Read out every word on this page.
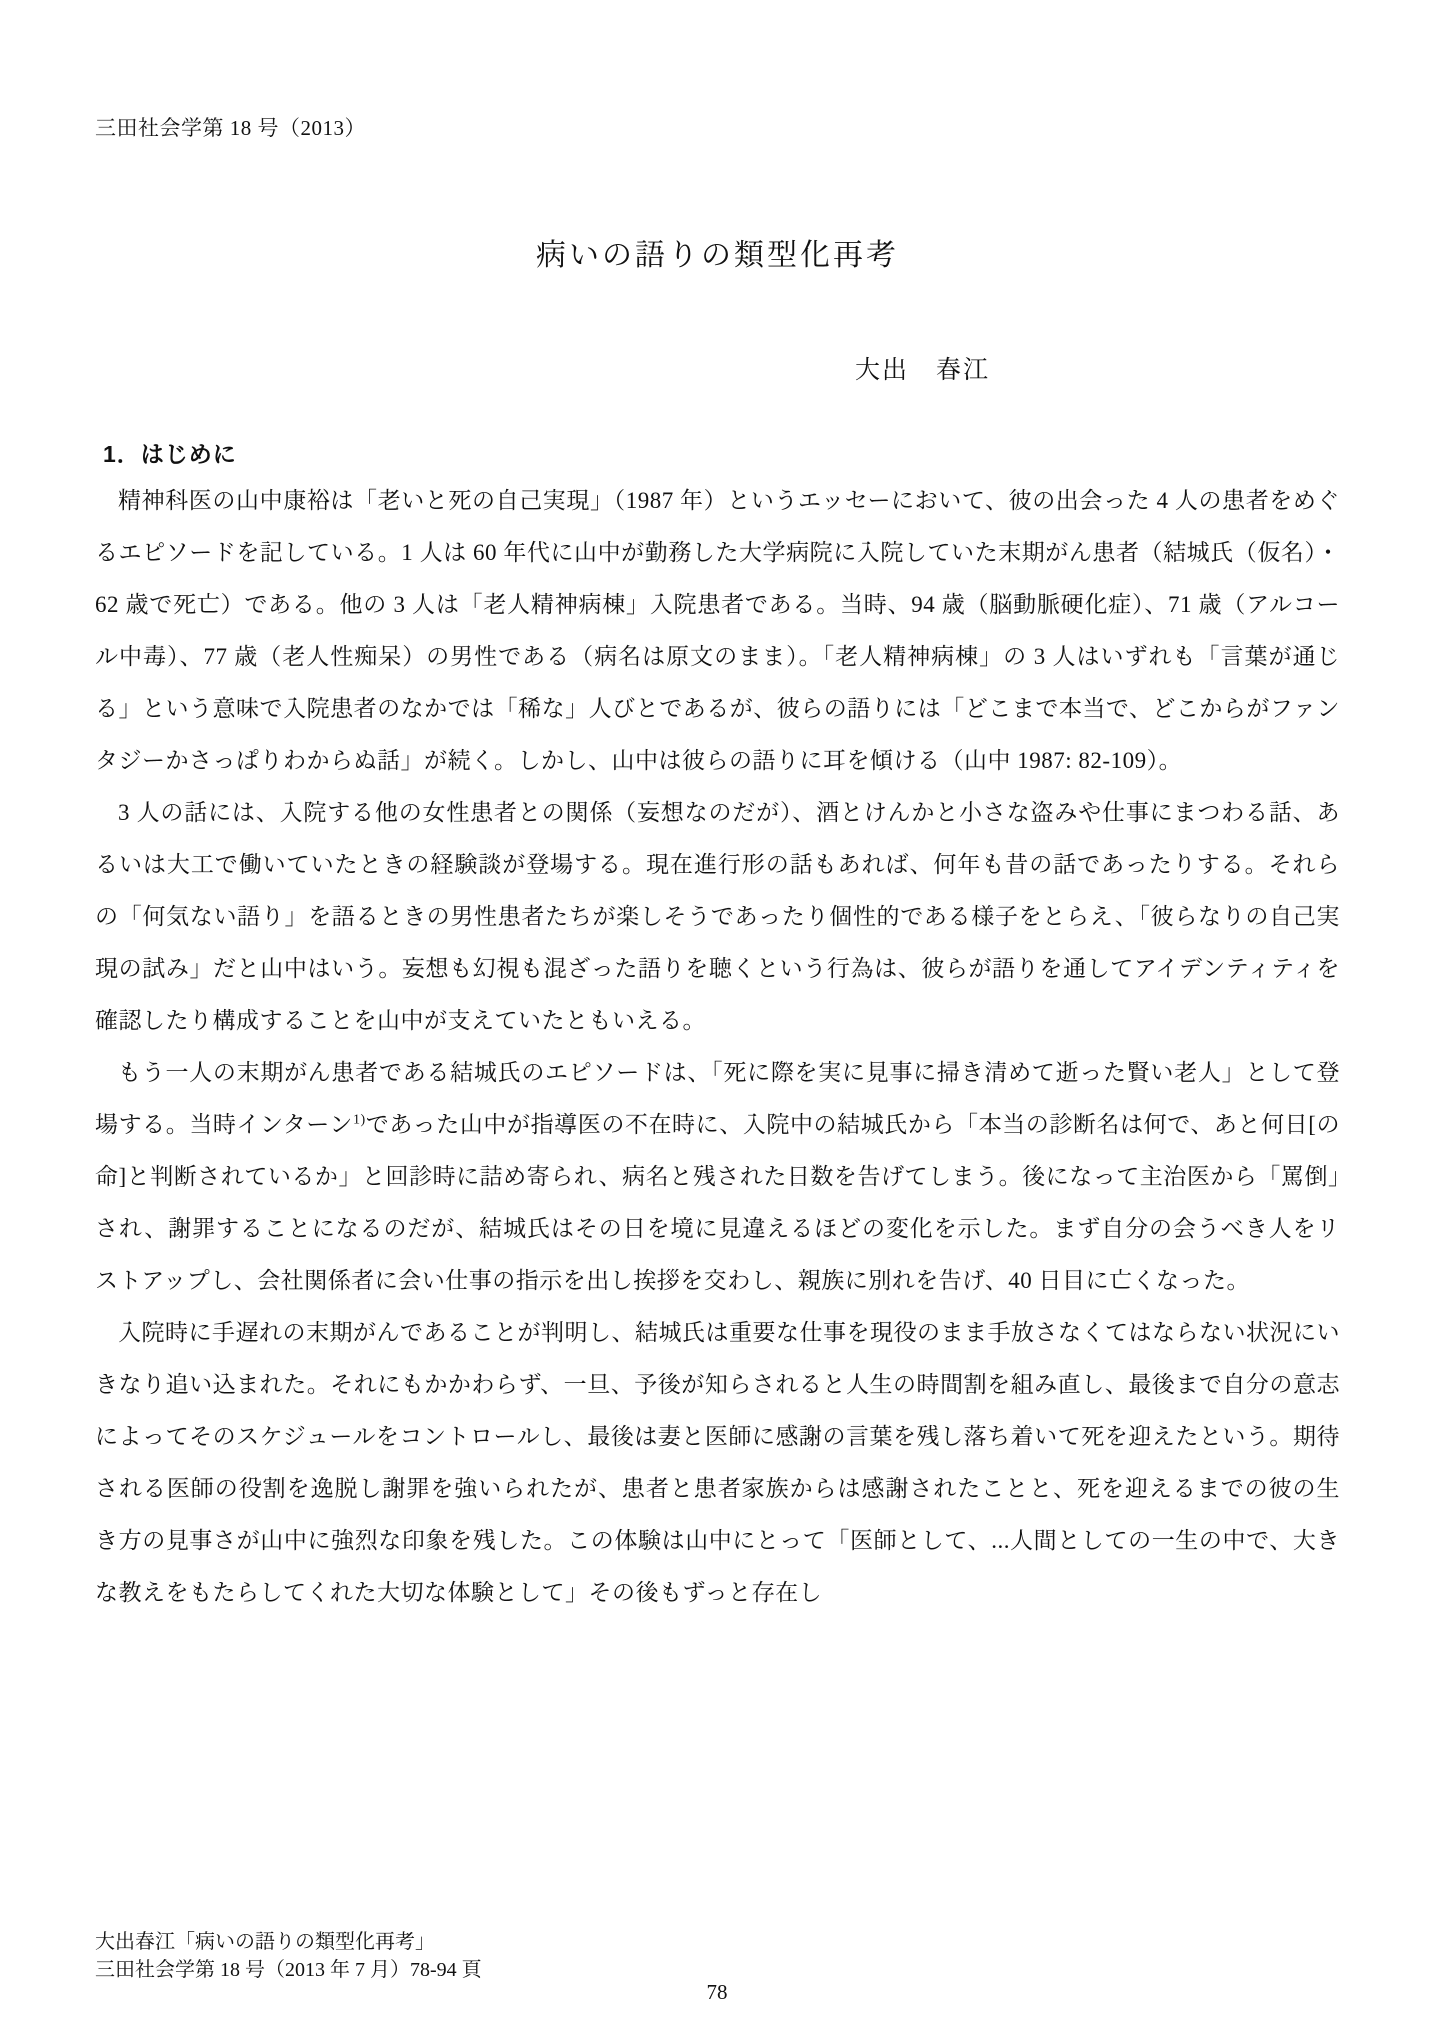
三田社会学第 18 号（2013）
病いの語りの類型化再考
大出　春江
1．はじめに

精神科医の山中康裕は「老いと死の自己実現」（1987 年）というエッセーにおいて、彼の出会った 4 人の患者をめぐるエピソードを記している。1 人は 60 年代に山中が勤務した大学病院に入院していた末期がん患者（結城氏（仮名）・62 歳で死亡）である。他の 3 人は「老人精神病棟」入院患者である。当時、94 歳（脳動脈硬化症）、71 歳（アルコール中毒）、77 歳（老人性痴呆）の男性である（病名は原文のまま）。「老人精神病棟」の 3 人はいずれも「言葉が通じる」という意味で入院患者のなかでは「稀な」人びとであるが、彼らの語りには「どこまで本当で、どこからがファンタジーかさっぱりわからぬ話」が続く。しかし、山中は彼らの語りに耳を傾ける（山中 1987: 82-109）。

3 人の話には、入院する他の女性患者との関係（妄想なのだが）、酒とけんかと小さな盗みや仕事にまつわる話、あるいは大工で働いていたときの経験談が登場する。現在進行形の話もあれば、何年も昔の話であったりする。それらの「何気ない語り」を語るときの男性患者たちが楽しそうであったり個性的である様子をとらえ、「彼らなりの自己実現の試み」だと山中はいう。妄想も幻視も混ざった語りを聴くという行為は、彼らが語りを通してアイデンティティを確認したり構成することを山中が支えていたともいえる。

もう一人の末期がん患者である結城氏のエピソードは、「死に際を実に見事に掃き清めて逝った賢い老人」として登場する。当時インターン$^{1)}$であった山中が指導医の不在時に、入院中の結城氏から「本当の診断名は何で、あと何日[の命]と判断されているか」と回診時に詰め寄られ、病名と残された日数を告げてしまう。後になって主治医から「罵倒」され、謝罪することになるのだが、結城氏はその日を境に見違えるほどの変化を示した。まず自分の会うべき人をリストアップし、会社関係者に会い仕事の指示を出し挨拶を交わし、親族に別れを告げ、40 日目に亡くなった。

入院時に手遅れの末期がんであることが判明し、結城氏は重要な仕事を現役のまま手放さなくてはならない状況にいきなり追い込まれた。それにもかかわらず、一旦、予後が知らされると人生の時間割を組み直し、最後まで自分の意志によってそのスケジュールをコントロールし、最後は妻と医師に感謝の言葉を残し落ち着いて死を迎えたという。期待される医師の役割を逸脱し謝罪を強いられたが、患者と患者家族からは感謝されたことと、死を迎えるまでの彼の生き方の見事さが山中に強烈な印象を残した。この体験は山中にとって「医師として、...人間としての一生の中で、大きな教えをもたらしてくれた大切な体験として」その後もずっと存在し

大出春江「病いの語りの類型化再考」
三田社会学第 18 号（2013 年 7 月）78-94 頁
78
